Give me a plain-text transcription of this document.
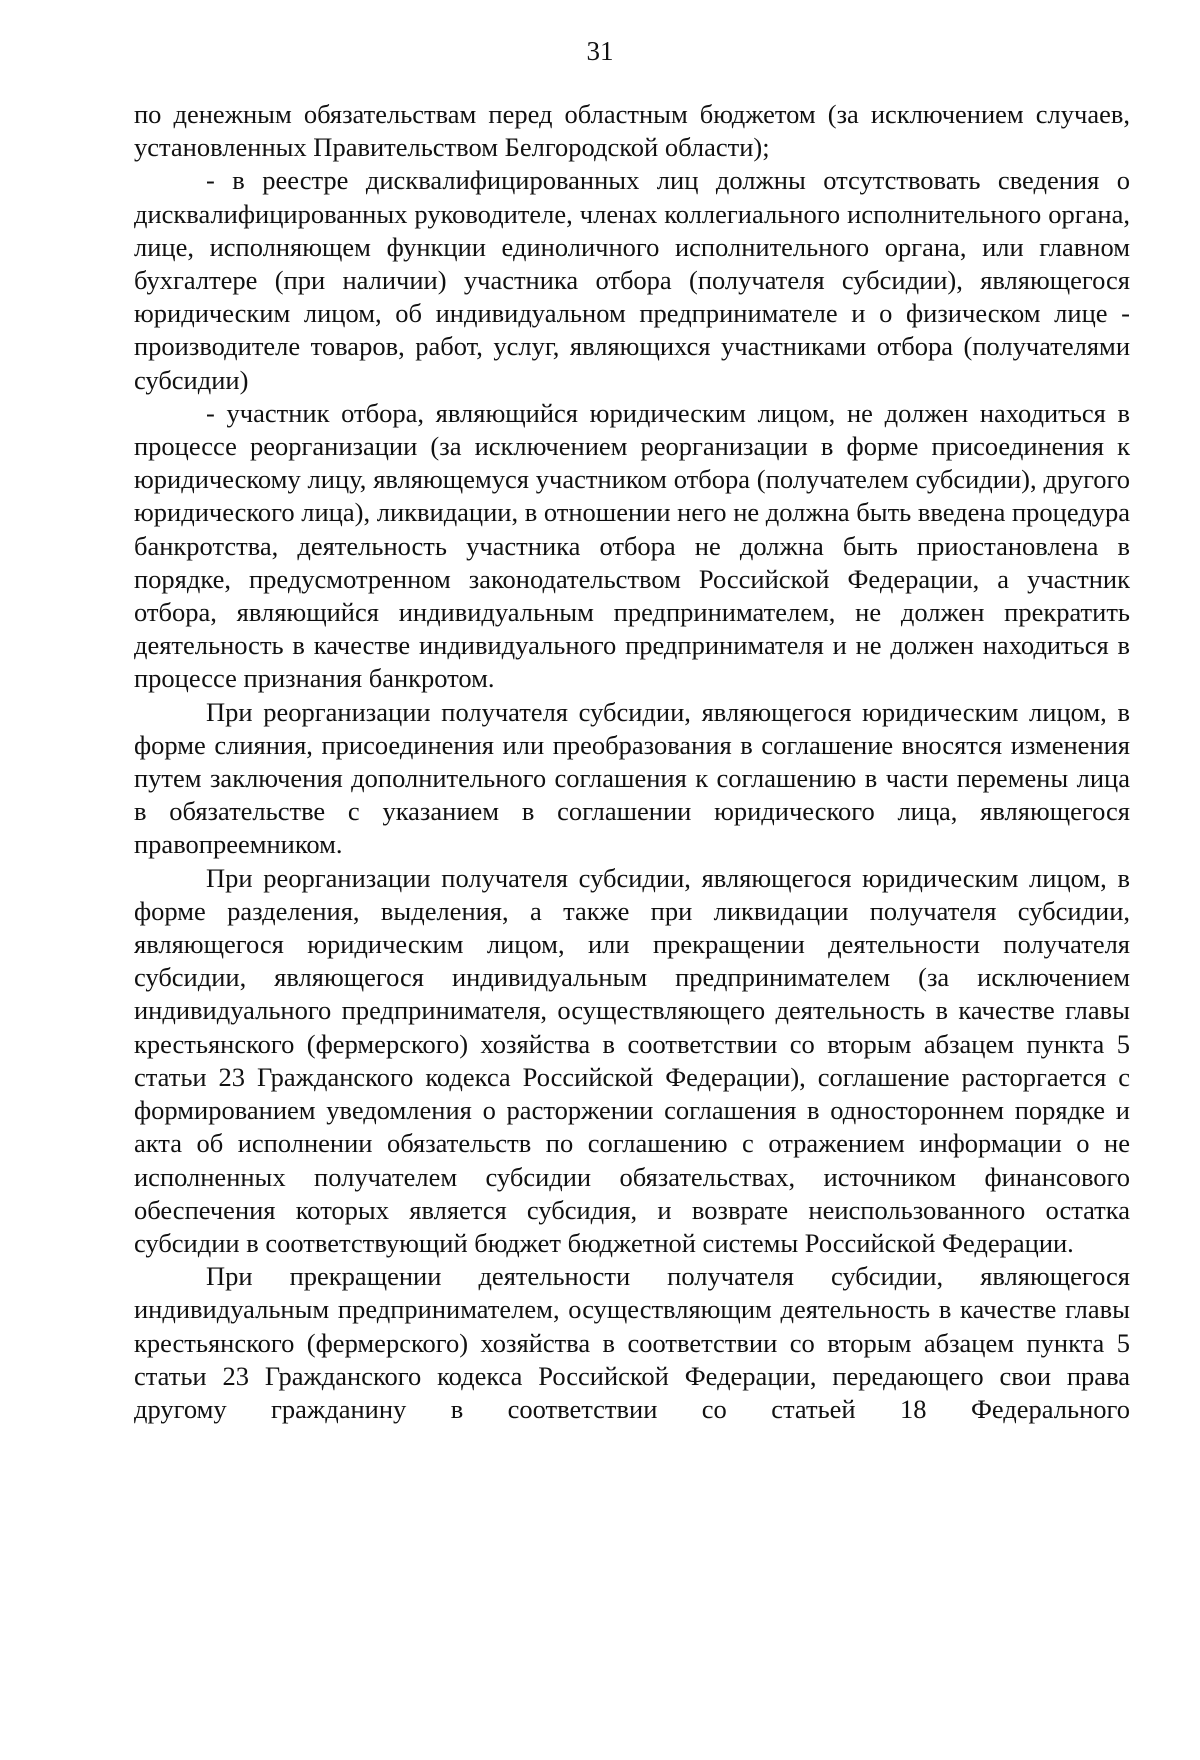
31

по денежным обязательствам перед областным бюджетом (за исключением случаев, установленных Правительством Белгородской области);

- в реестре дисквалифицированных лиц должны отсутствовать сведения о дисквалифицированных руководителе, членах коллегиального исполнительного органа, лице, исполняющем функции единоличного исполнительного органа, или главном бухгалтере (при наличии) участника отбора (получателя субсидии), являющегося юридическим лицом, об индивидуальном предпринимателе и о физическом лице - производителе товаров, работ, услуг, являющихся участниками отбора (получателями субсидии)

- участник отбора, являющийся юридическим лицом, не должен находиться в процессе реорганизации (за исключением реорганизации в форме присоединения к юридическому лицу, являющемуся участником отбора (получателем субсидии), другого юридического лица), ликвидации, в отношении него не должна быть введена процедура банкротства, деятельность участника отбора не должна быть приостановлена в порядке, предусмотренном законодательством Российской Федерации, а участник отбора, являющийся индивидуальным предпринимателем, не должен прекратить деятельность в качестве индивидуального предпринимателя и не должен находиться в процессе признания банкротом.

При реорганизации получателя субсидии, являющегося юридическим лицом, в форме слияния, присоединения или преобразования в соглашение вносятся изменения путем заключения дополнительного соглашения к соглашению в части перемены лица в обязательстве с указанием в соглашении юридического лица, являющегося правопреемником.

При реорганизации получателя субсидии, являющегося юридическим лицом, в форме разделения, выделения, а также при ликвидации получателя субсидии, являющегося юридическим лицом, или прекращении деятельности получателя субсидии, являющегося индивидуальным предпринимателем (за исключением индивидуального предпринимателя, осуществляющего деятельность в качестве главы крестьянского (фермерского) хозяйства в соответствии со вторым абзацем пункта 5 статьи 23 Гражданского кодекса Российской Федерации), соглашение расторгается с формированием уведомления о расторжении соглашения в одностороннем порядке и акта об исполнении обязательств по соглашению с отражением информации о не исполненных получателем субсидии обязательствах, источником финансового обеспечения которых является субсидия, и возврате неиспользованного остатка субсидии в соответствующий бюджет бюджетной системы Российской Федерации.

При прекращении деятельности получателя субсидии, являющегося индивидуальным предпринимателем, осуществляющим деятельность в качестве главы крестьянского (фермерского) хозяйства в соответствии со вторым абзацем пункта 5 статьи 23 Гражданского кодекса Российской Федерации, передающего свои права другому гражданину в соответствии со статьей 18 Федерального
